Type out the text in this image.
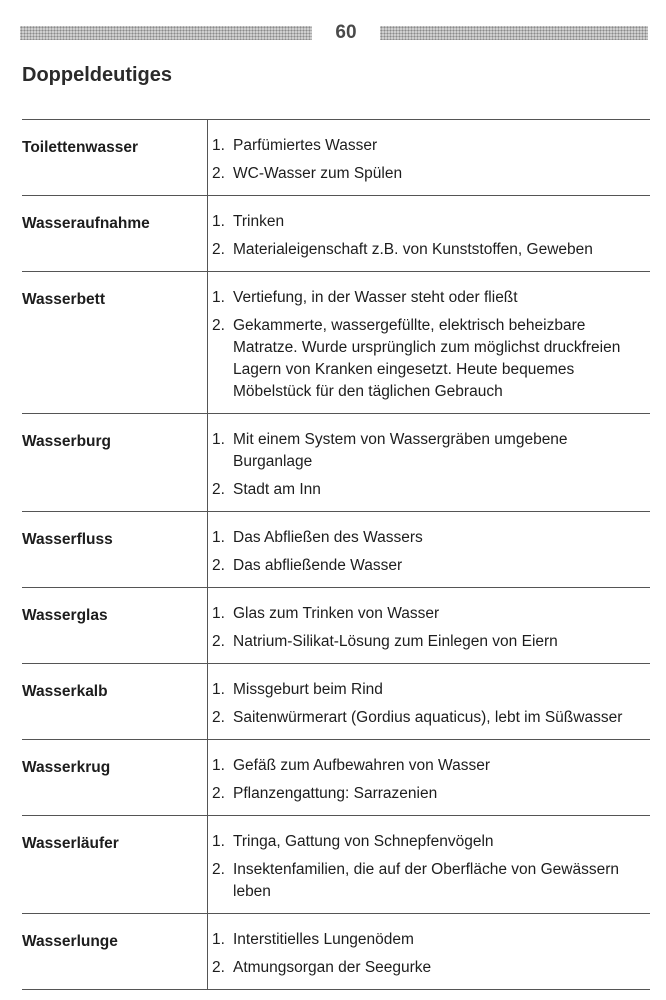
60
Doppeldeutiges
Toilettenwasser	1. Parfümiertes Wasser
2. WC-Wasser zum Spülen
Wasseraufnahme	1. Trinken
2. Materialeigenschaft z.B. von Kunststoffen, Geweben
Wasserbett	1. Vertiefung, in der Wasser steht oder fließt
2. Gekammerte, wassergefüllte, elektrisch beheizbare Matratze. Wurde ursprünglich zum möglichst druckfreien Lagern von Kranken eingesetzt. Heute bequemes Möbelstück für den täglichen Gebrauch
Wasserburg	1. Mit einem System von Wassergräben umgebene Burganlage
2. Stadt am Inn
Wasserfluss	1. Das Abfließen des Wassers
2. Das abfließende Wasser
Wasserglas	1. Glas zum Trinken von Wasser
2. Natrium-Silikat-Lösung zum Einlegen von Eiern
Wasserkalb	1. Missgeburt beim Rind
2. Saitenwürmerart (Gordius aquaticus), lebt im Süßwasser
Wasserkrug	1. Gefäß zum Aufbewahren von Wasser
2. Pflanzengattung: Sarrazenien
Wasserläufer	1. Tringa, Gattung von Schnepfenvögeln
2. Insektenfamilien, die auf der Oberfläche von Gewässern leben
Wasserlunge	1. Interstitielles Lungenödem
2. Atmungsorgan der Seegurke
